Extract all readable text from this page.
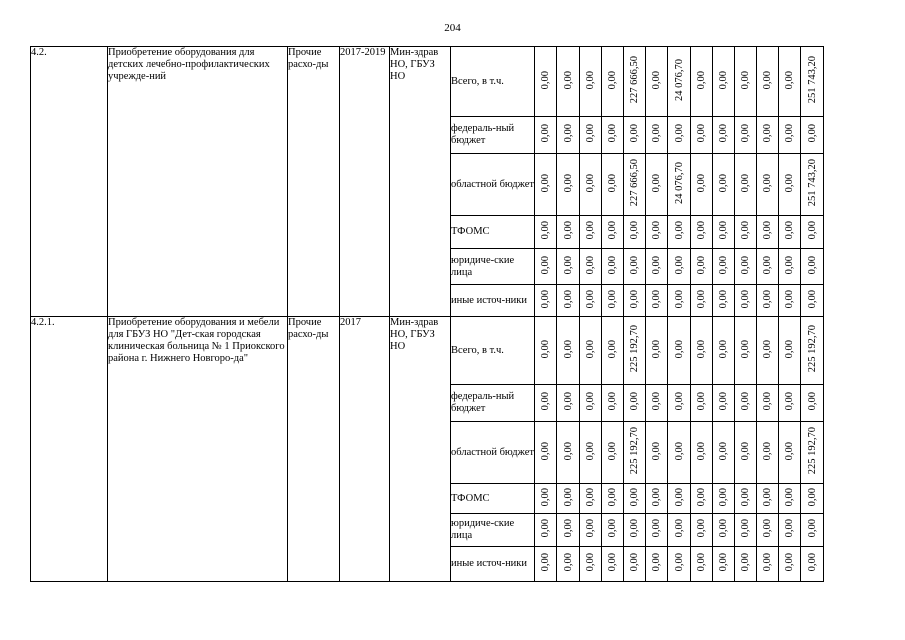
204
4.2.	Приобретение оборудования для детских лечебно-профилактических учрежде-ний	Прочие расхо-ды	2017-2019	Мин-здрав НО, ГБУЗ НО	Всего, в т.ч.	0,00	0,00	0,00	0,00	227 666,50	0,00	24 076,70	0,00	0,00	0,00	0,00	0,00	251 743,20
					федераль-ный бюджет	0,00	0,00	0,00	0,00	0,00	0,00	0,00	0,00	0,00	0,00	0,00	0,00	0,00
					областной бюджет	0,00	0,00	0,00	0,00	227 666,50	0,00	24 076,70	0,00	0,00	0,00	0,00	0,00	251 743,20
					ТФОМС	0,00	0,00	0,00	0,00	0,00	0,00	0,00	0,00	0,00	0,00	0,00	0,00	0,00
					юридиче-ские лица	0,00	0,00	0,00	0,00	0,00	0,00	0,00	0,00	0,00	0,00	0,00	0,00	0,00
					иные источ-ники	0,00	0,00	0,00	0,00	0,00	0,00	0,00	0,00	0,00	0,00	0,00	0,00	0,00
4.2.1.	Приобретение оборудования и мебели для ГБУЗ НО "Дет-ская городская клиническая больница № 1 Приокского района г. Нижнего Новгоро-да"	Прочие расхо-ды	2017	Мин-здрав НО, ГБУЗ НО	Всего, в т.ч.	0,00	0,00	0,00	0,00	225 192,70	0,00	0,00	0,00	0,00	0,00	0,00	0,00	225 192,70
					федераль-ный бюджет	0,00	0,00	0,00	0,00	0,00	0,00	0,00	0,00	0,00	0,00	0,00	0,00	0,00
					областной бюджет	0,00	0,00	0,00	0,00	225 192,70	0,00	0,00	0,00	0,00	0,00	0,00	0,00	225 192,70
					ТФОМС	0,00	0,00	0,00	0,00	0,00	0,00	0,00	0,00	0,00	0,00	0,00	0,00	0,00
					юридиче-ские лица	0,00	0,00	0,00	0,00	0,00	0,00	0,00	0,00	0,00	0,00	0,00	0,00	0,00
					иные источ-ники	0,00	0,00	0,00	0,00	0,00	0,00	0,00	0,00	0,00	0,00	0,00	0,00	0,00
